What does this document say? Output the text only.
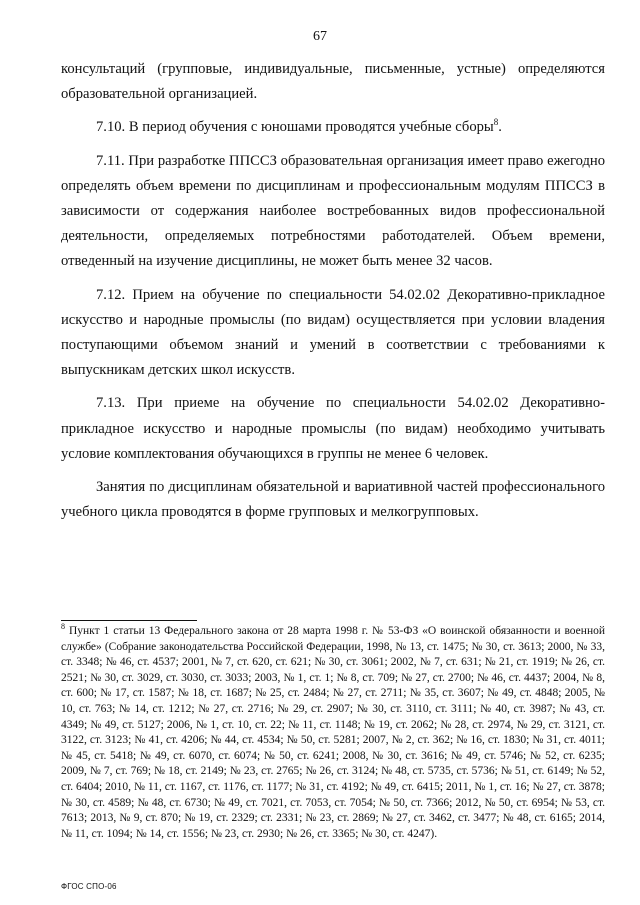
67

консультаций (групповые, индивидуальные, письменные, устные) определяются образовательной организацией.

7.10. В период обучения с юношами проводятся учебные сборы$^8$.

7.11. При разработке ППССЗ образовательная организация имеет право ежегодно определять объем времени по дисциплинам и профессиональным модулям ППССЗ в зависимости от содержания наиболее востребованных видов профессиональной деятельности, определяемых потребностями работодателей. Объем времени, отведенный на изучение дисциплины, не может быть менее 32 часов.

7.12. Прием на обучение по специальности 54.02.02 Декоративно-прикладное искусство и народные промыслы (по видам) осуществляется при условии владения поступающими объемом знаний и умений в соответствии с требованиями к выпускникам детских школ искусств.

7.13. При приеме на обучение по специальности 54.02.02 Декоративно-прикладное искусство и народные промыслы (по видам) необходимо учитывать условие комплектования обучающихся в группы не менее 6 человек.

Занятия по дисциплинам обязательной и вариативной частей профессионального учебного цикла проводятся в форме групповых и мелкогрупповых.

$^8$ Пункт 1 статьи 13 Федерального закона от 28 марта 1998 г. № 53-ФЗ «О воинской обязанности и военной службе» (Собрание законодательства Российской Федерации, 1998, № 13, ст. 1475; № 30, ст. 3613; 2000, № 33, ст. 3348; № 46, ст. 4537; 2001, № 7, ст. 620, ст. 621; № 30, ст. 3061; 2002, № 7, ст. 631; № 21, ст. 1919; № 26, ст. 2521; № 30, ст. 3029, ст. 3030, ст. 3033; 2003, № 1, ст. 1; № 8, ст. 709; № 27, ст. 2700; № 46, ст. 4437; 2004, № 8, ст. 600; № 17, ст. 1587; № 18, ст. 1687; № 25, ст. 2484; № 27, ст. 2711; № 35, ст. 3607; № 49, ст. 4848; 2005, № 10, ст. 763; № 14, ст. 1212; № 27, ст. 2716; № 29, ст. 2907; № 30, ст. 3110, ст. 3111; № 40, ст. 3987; № 43, ст. 4349; № 49, ст. 5127; 2006, № 1, ст. 10, ст. 22; № 11, ст. 1148; № 19, ст. 2062; № 28, ст. 2974, № 29, ст. 3121, ст. 3122, ст. 3123; № 41, ст. 4206; № 44, ст. 4534; № 50, ст. 5281; 2007, № 2, ст. 362; № 16, ст. 1830; № 31, ст. 4011; № 45, ст. 5418; № 49, ст. 6070, ст. 6074; № 50, ст. 6241; 2008, № 30, ст. 3616; № 49, ст. 5746; № 52, ст. 6235; 2009, № 7, ст. 769; № 18, ст. 2149; № 23, ст. 2765; № 26, ст. 3124; № 48, ст. 5735, ст. 5736; № 51, ст. 6149; № 52, ст. 6404; 2010, № 11, ст. 1167, ст. 1176, ст. 1177; № 31, ст. 4192; № 49, ст. 6415; 2011, № 1, ст. 16; № 27, ст. 3878; № 30, ст. 4589; № 48, ст. 6730; № 49, ст. 7021, ст. 7053, ст. 7054; № 50, ст. 7366; 2012, № 50, ст. 6954; № 53, ст. 7613; 2013, № 9, ст. 870; № 19, ст. 2329; ст. 2331; № 23, ст. 2869; № 27, ст. 3462, ст. 3477; № 48, ст. 6165; 2014, № 11, ст. 1094; № 14, ст. 1556; № 23, ст. 2930; № 26, ст. 3365; № 30, ст. 4247).
ФГОС СПО-06
